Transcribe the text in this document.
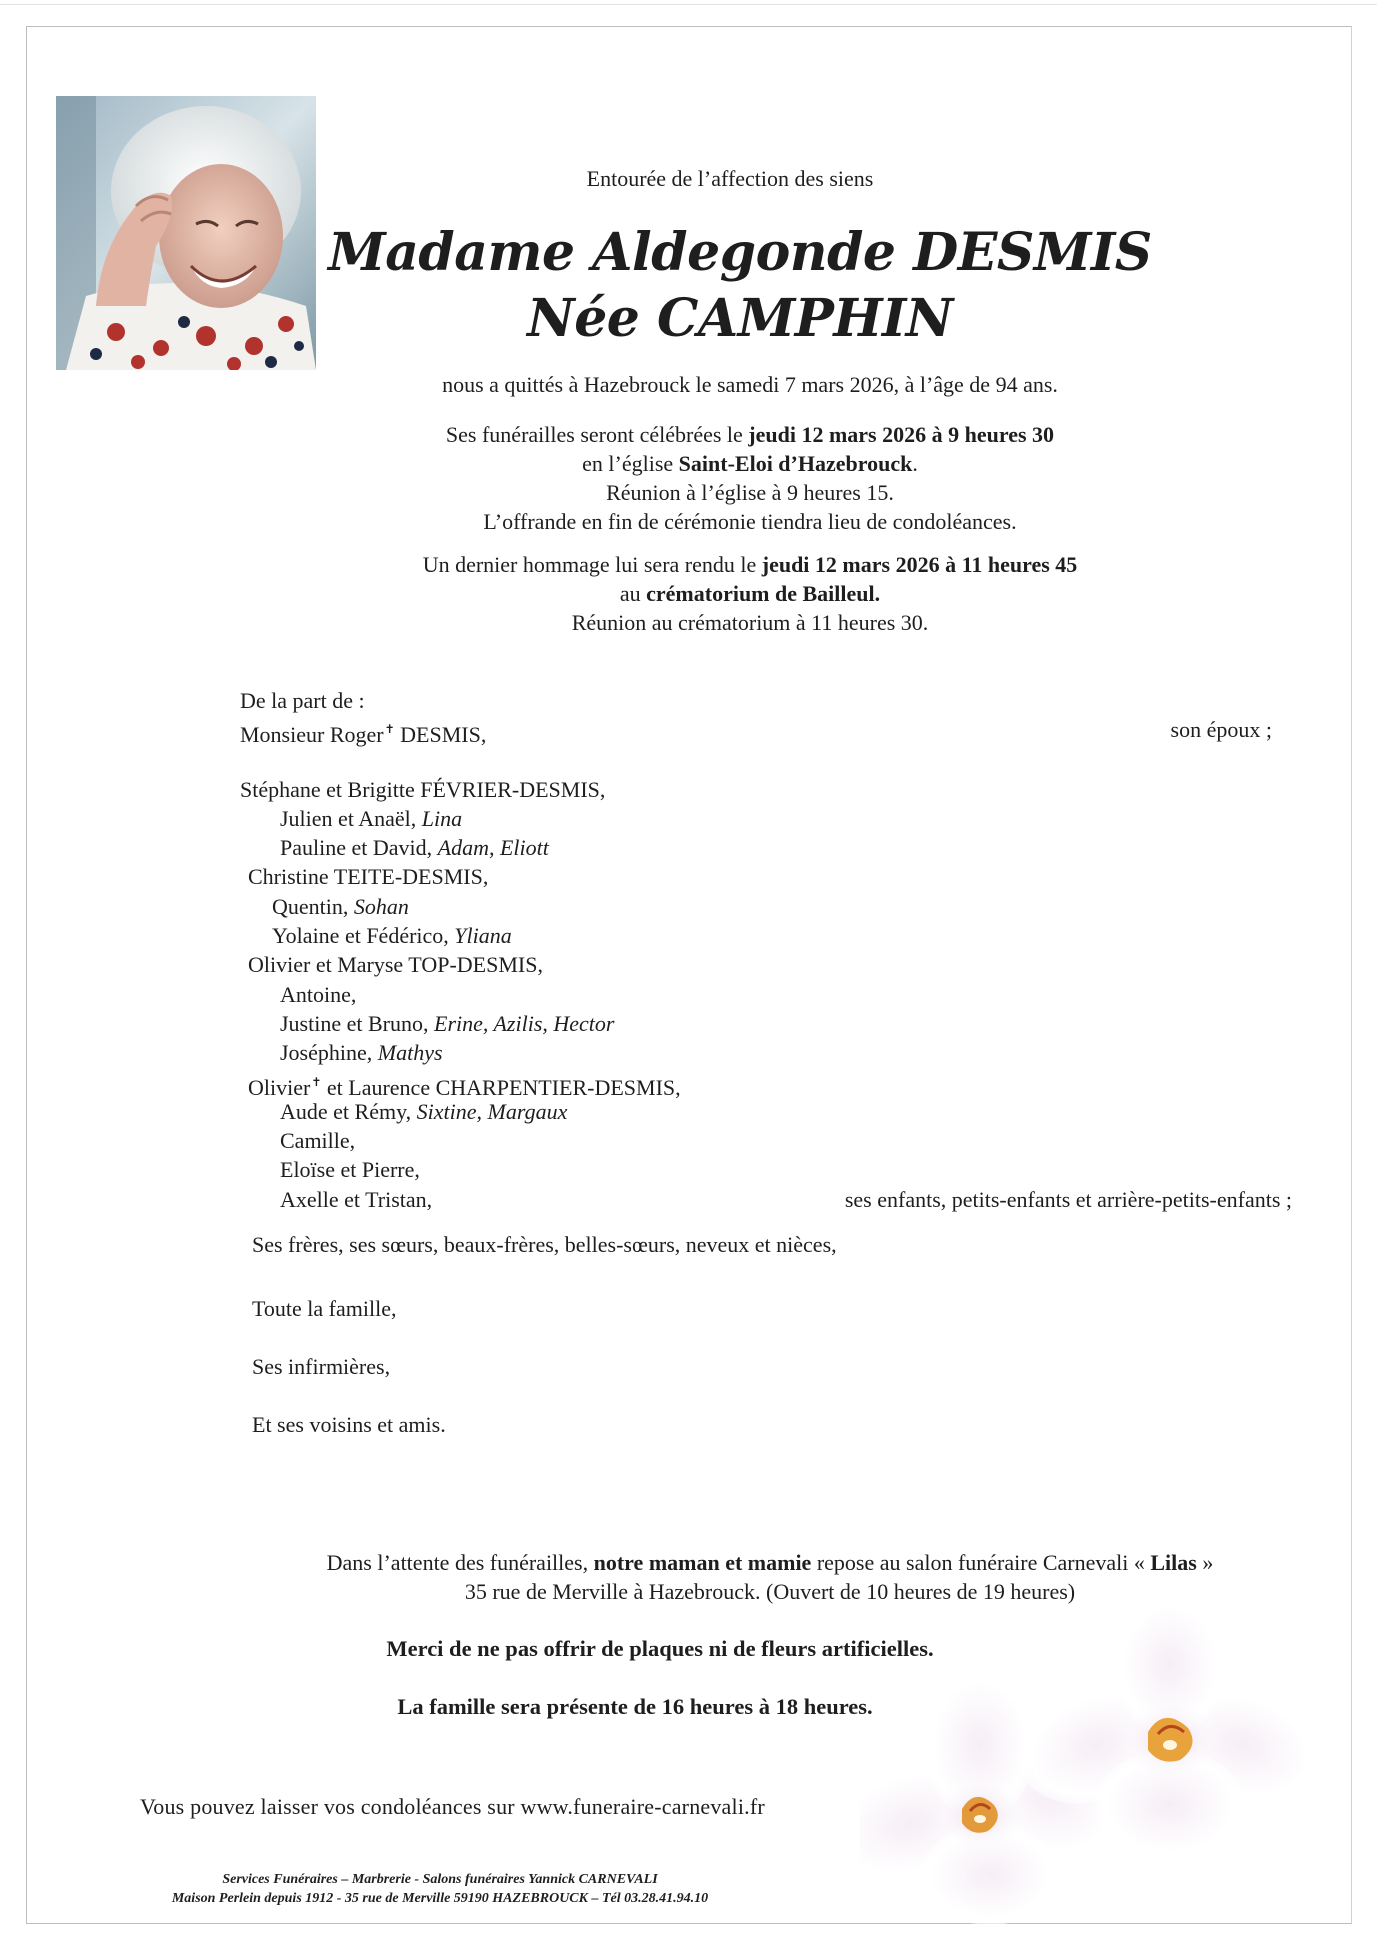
Entourée de l’affection des siens
Madame Aldegonde DESMIS
Née CAMPHIN
nous a quittés à Hazebrouck le samedi 7 mars 2026, à l’âge de 94 ans.
Ses funérailles seront célébrées le jeudi 12 mars 2026 à 9 heures 30
en l’église Saint-Eloi d’Hazebrouck.
Réunion à l’église à 9 heures 15.
L’offrande en fin de cérémonie tiendra lieu de condoléances.
Un dernier hommage lui sera rendu le jeudi 12 mars 2026 à 11 heures 45
au crématorium de Bailleul.
Réunion au crématorium à 11 heures 30.
De la part de :
Monsieur Roger✝ DESMIS,	son époux ;
Stéphane et Brigitte FÉVRIER-DESMIS,
Julien et Anaël, Lina
Pauline et David, Adam, Eliott
Christine TEITE-DESMIS,
Quentin, Sohan
Yolaine et Fédérico, Yliana
Olivier et Maryse TOP-DESMIS,
Antoine,
Justine et Bruno, Erine, Azilis, Hector
Joséphine, Mathys
Olivier✝ et Laurence CHARPENTIER-DESMIS,
Aude et Rémy, Sixtine, Margaux
Camille,
Eloïse et Pierre,
Axelle et Tristan,	ses enfants, petits-enfants et arrière-petits-enfants ;
Ses frères, ses sœurs, beaux-frères, belles-sœurs, neveux et nièces,
Toute la famille,
Ses infirmières,
Et ses voisins et amis.
Dans l’attente des funérailles, notre maman et mamie repose au salon funéraire Carnevali « Lilas »
35 rue de Merville à Hazebrouck. (Ouvert de 10 heures de 19 heures)
Merci de ne pas offrir de plaques ni de fleurs artificielles.
La famille sera présente de 16 heures à 18 heures.
Vous pouvez laisser vos condoléances sur www.funeraire-carnevali.fr
Services Funéraires – Marbrerie - Salons funéraires Yannick CARNEVALI
Maison Perlein depuis 1912 - 35 rue de Merville 59190 HAZEBROUCK – Tél 03.28.41.94.10
